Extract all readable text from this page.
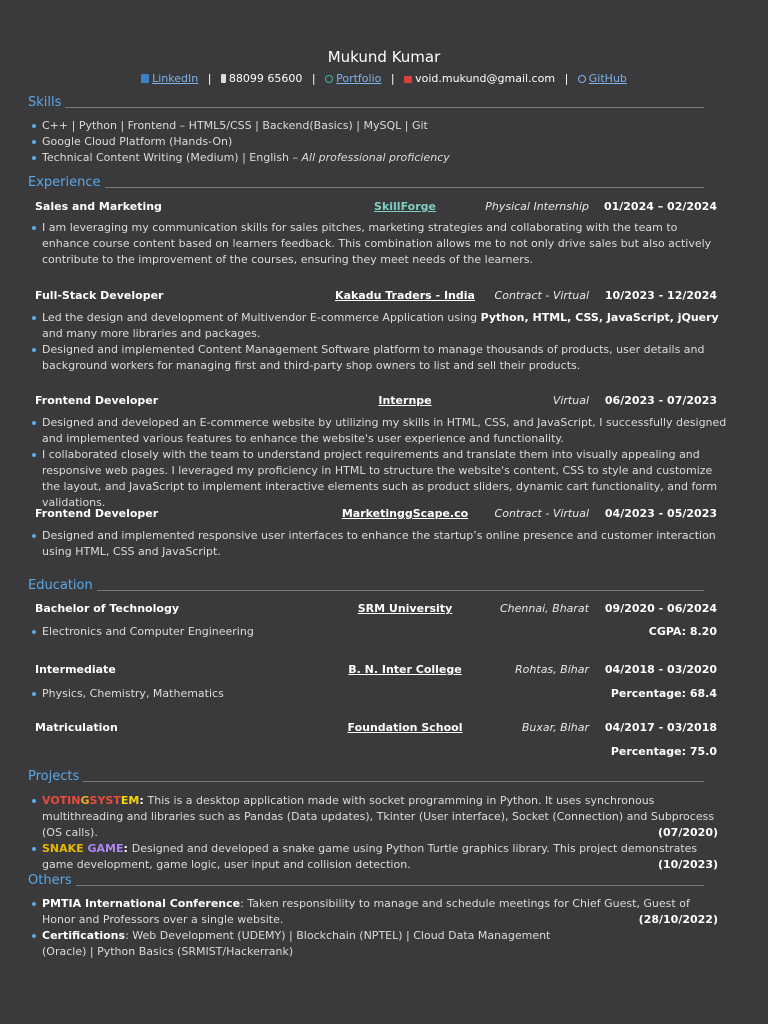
Mukund Kumar
LinkedIn | 88099 65600 | Portfolio | void.mukund@gmail.com | GitHub
Skills
C++ | Python | Frontend – HTML5/CSS | Backend(Basics) | MySQL | Git
Google Cloud Platform (Hands-On)
Technical Content Writing (Medium) | English – All professional proficiency
Experience
Sales and Marketing	SkillForge	Physical Internship 01/2024 – 02/2024
I am leveraging my communication skills for sales pitches, marketing strategies and collaborating with the team to enhance course content based on learners feedback. This combination allows me to not only drive sales but also actively contribute to the improvement of the courses, ensuring they meet needs of the learners.
Full-Stack Developer	Kakadu Traders - India	Contract - Virtual 10/2023 - 12/2024
Led the design and development of Multivendor E-commerce Application using Python, HTML, CSS, JavaScript, jQuery
and many more libraries and packages.
Designed and implemented Content Management Software platform to manage thousands of products, user details and background workers for managing first and third-party shop owners to list and sell their products.
Frontend Developer	Internpe	Virtual 06/2023 - 07/2023
Designed and developed an E-commerce website by utilizing my skills in HTML, CSS, and JavaScript, I successfully designed and implemented various features to enhance the website's user experience and functionality.
I collaborated closely with the team to understand project requirements and translate them into visually appealing and responsive web pages. I leveraged my proficiency in HTML to structure the website's content, CSS to style and customize the layout, and JavaScript to implement interactive elements such as product sliders, dynamic cart functionality, and form validations.
Frontend Developer	MarketinggScape.co	Contract - Virtual 04/2023 - 05/2023
Designed and implemented responsive user interfaces to enhance the startup’s online presence and customer interaction using HTML, CSS and JavaScript.
Education
Bachelor of Technology	SRM University	Chennai, Bharat 09/2020 - 06/2024
Electronics and Computer Engineering	CGPA: 8.20
Intermediate	B. N. Inter College	Rohtas, Bihar 04/2018 - 03/2020
Physics, Chemistry, Mathematics	Percentage: 68.4
Matriculation	Foundation School	Buxar, Bihar 04/2017 - 03/2018
Percentage: 75.0
Projects
VOTINGSYSTEM: This is a desktop application made with socket programming in Python. It uses synchronous multithreading and libraries such as Pandas (Data updates), Tkinter (User interface), Socket (Connection) and Subprocess (OS calls).	(07/2020)
SNAKE GAME: Designed and developed a snake game using Python Turtle graphics library. This project demonstrates game development, game logic, user input and collision detection.	(10/2023)
Others
PMTIA International Conference: Taken responsibility to manage and schedule meetings for Chief Guest, Guest of Honor and Professors over a single website.	(28/10/2022)
Certifications: Web Development (UDEMY) | Blockchain (NPTEL) | Cloud Data Management (Oracle) | Python Basics (SRMIST/Hackerrank)
